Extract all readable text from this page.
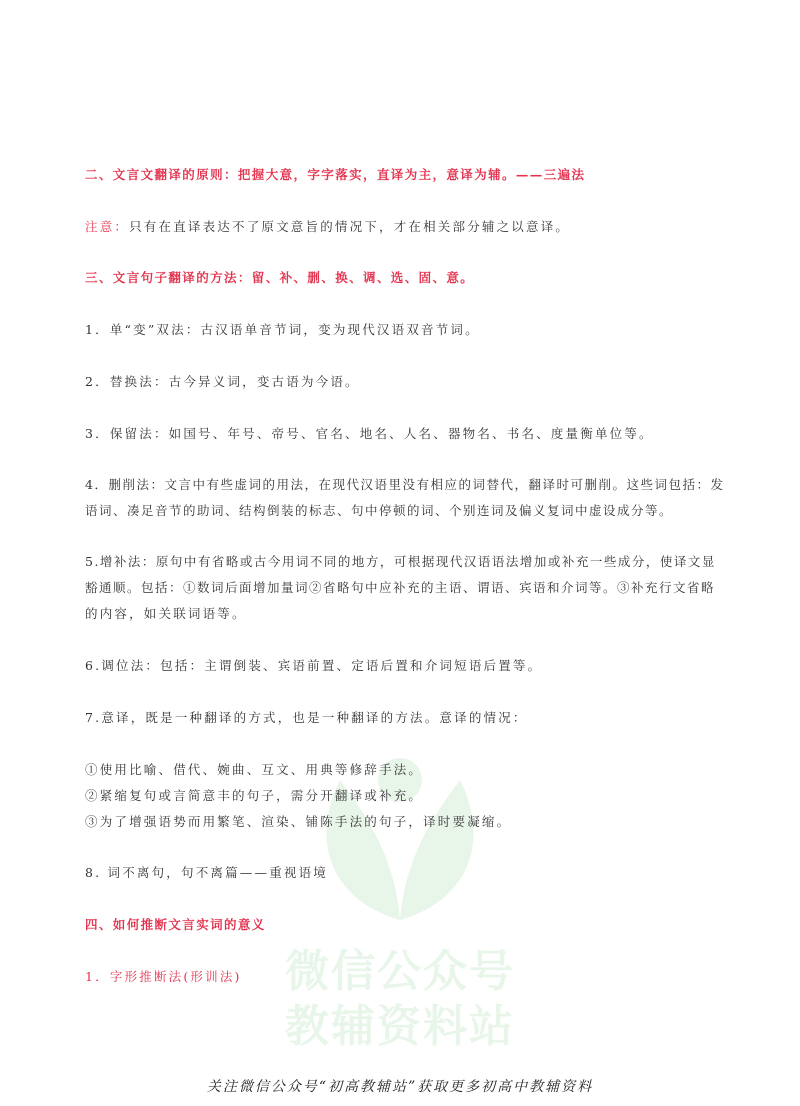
微信公众号
教辅资料站
二、文言文翻译的原则：把握大意，字字落实，直译为主，意译为辅。——三遍法
注意：只有在直译表达不了原文意旨的情况下，才在相关部分辅之以意译。
三、文言句子翻译的方法：留、补、删、换、调、选、固、意。
1．单“变”双法：古汉语单音节词，变为现代汉语双音节词。
2．替换法：古今异义词，变古语为今语。
3．保留法：如国号、年号、帝号、官名、地名、人名、器物名、书名、度量衡单位等。
4．删削法：文言中有些虚词的用法，在现代汉语里没有相应的词替代，翻译时可删削。这些词包括：发
语词、凑足音节的助词、结构倒装的标志、句中停顿的词、个别连词及偏义复词中虚设成分等。
5.增补法：原句中有省略或古今用词不同的地方，可根据现代汉语语法增加或补充一些成分，使译文显
豁通顺。包括：①数词后面增加量词②省略句中应补充的主语、谓语、宾语和介词等。③补充行文省略
的内容，如关联词语等。
6.调位法：包括：主谓倒装、宾语前置、定语后置和介词短语后置等。
7.意译，既是一种翻译的方式，也是一种翻译的方法。意译的情况：
①使用比喻、借代、婉曲、互文、用典等修辞手法。
②紧缩复句或言简意丰的句子，需分开翻译或补充。
③为了增强语势而用繁笔、渲染、铺陈手法的句子，译时要凝缩。
8. 词不离句，句不离篇——重视语境
四、如何推断文言实词的意义
1．字形推断法(形训法)
关注微信公众号“初高教辅站”获取更多初高中教辅资料
